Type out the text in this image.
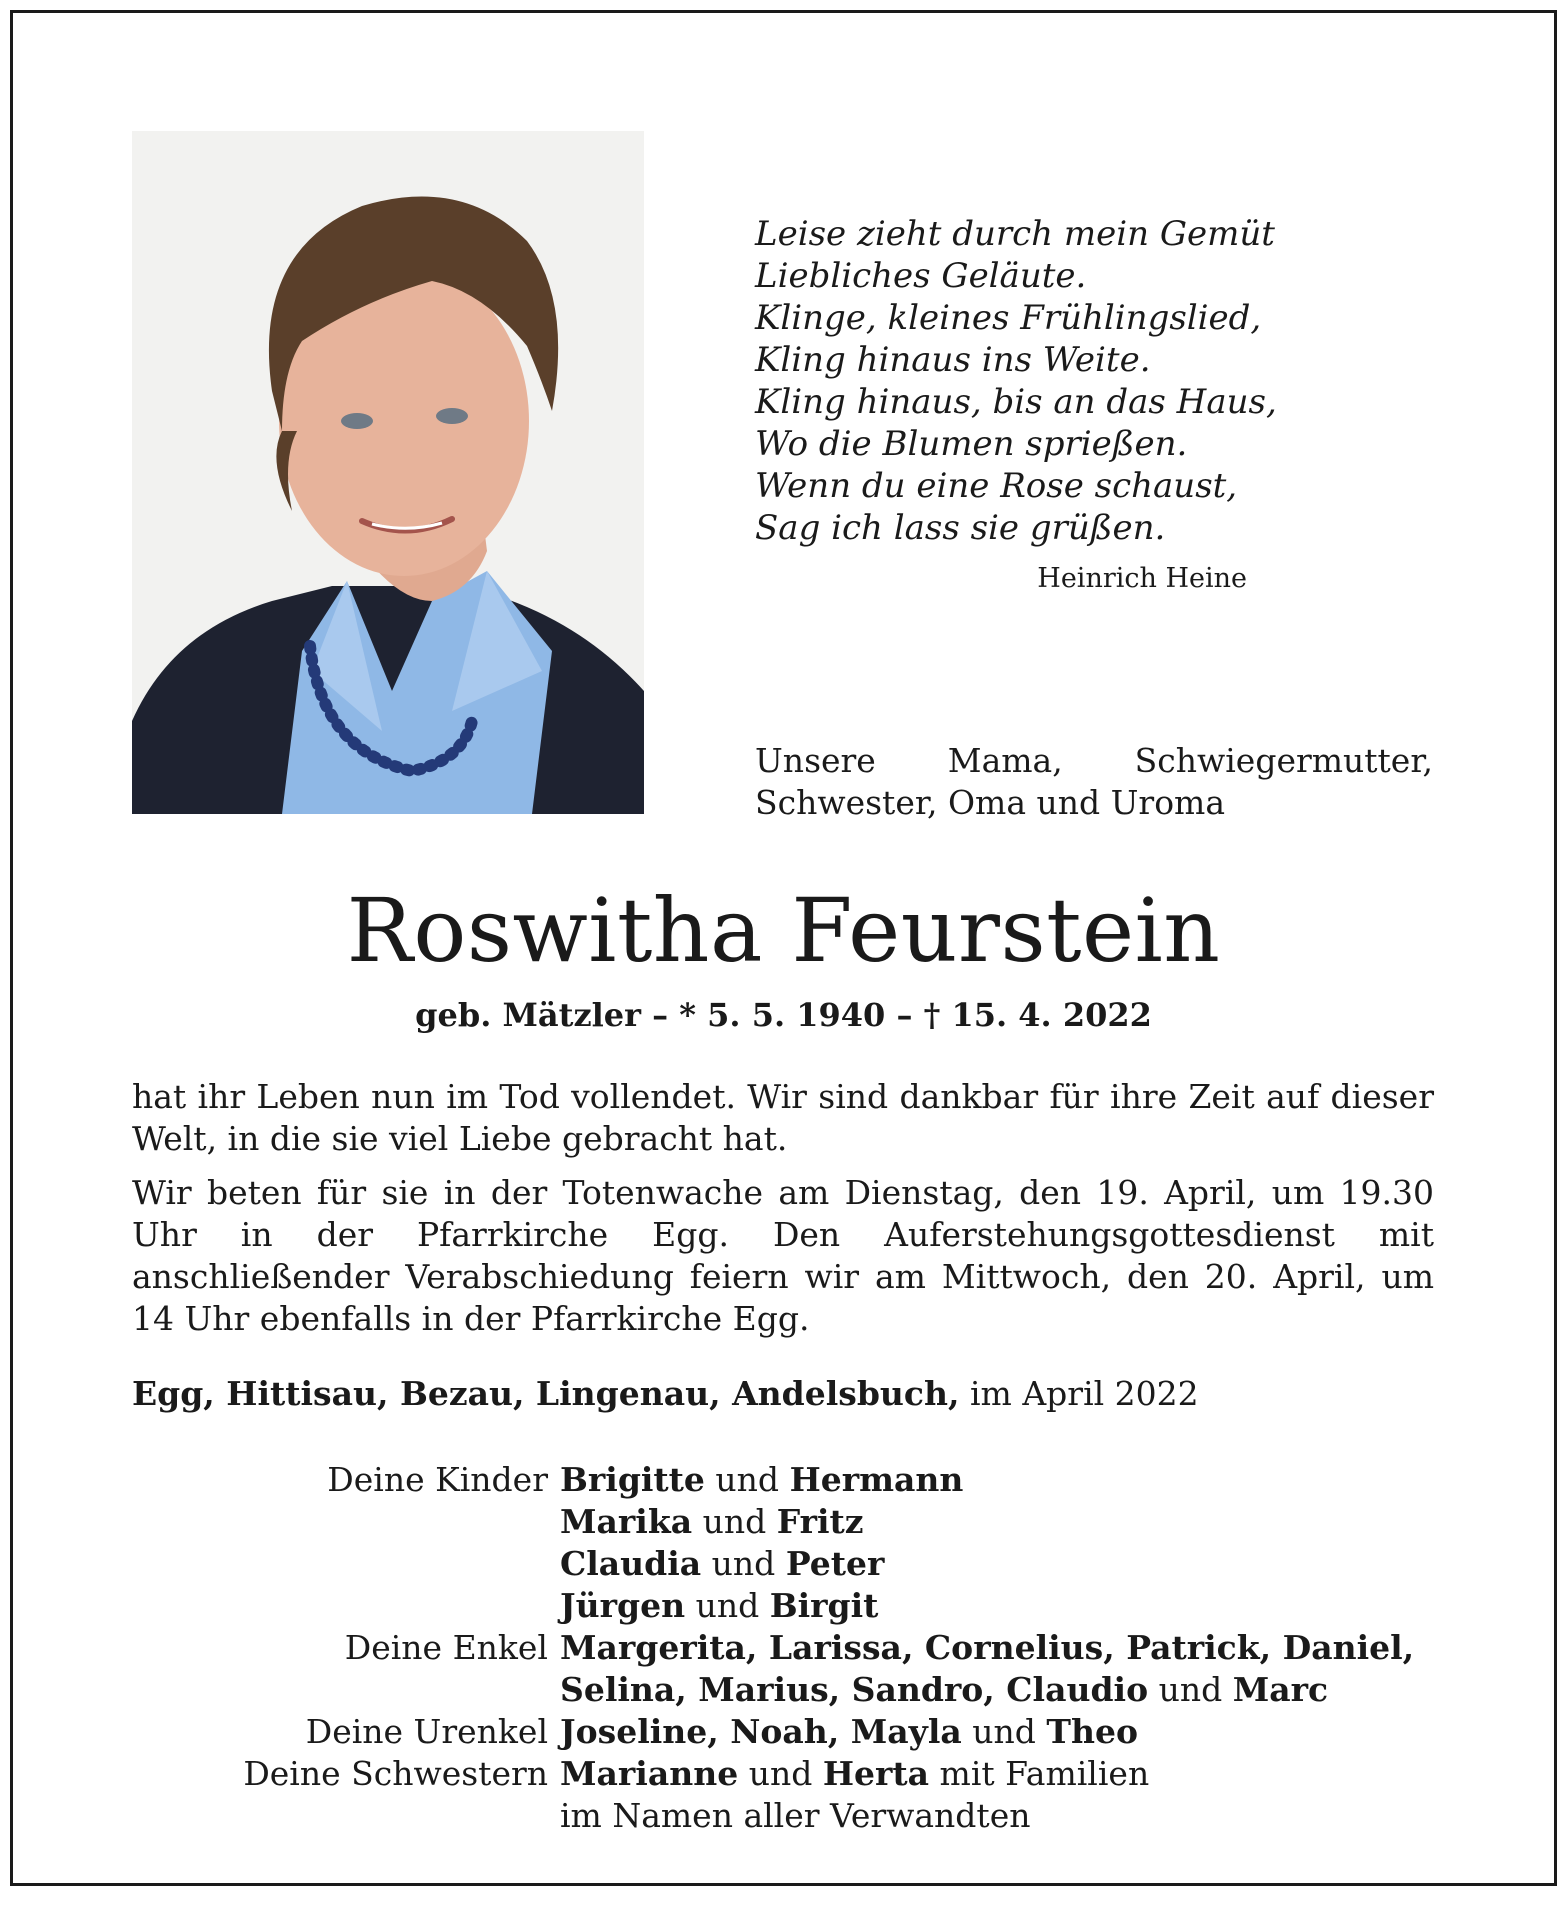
Leise zieht durch mein Gemüt
Liebliches Geläute.
Klinge, kleines Frühlingslied,
Kling hinaus ins Weite.
Kling hinaus, bis an das Haus,
Wo die Blumen sprießen.
Wenn du eine Rose schaust,
Sag ich lass sie grüßen.
Heinrich Heine
Unsere Mama, Schwiegermutter,
Schwester, Oma und Uroma
Roswitha Feurstein
geb. Mätzler – * 5. 5. 1940 – † 15. 4. 2022

hat ihr Leben nun im Tod vollendet. Wir sind dankbar für ihre Zeit auf dieser Welt, in die sie viel Liebe gebracht hat.

Wir beten für sie in der Totenwache am Dienstag, den 19. April, um 19.30 Uhr in der Pfarrkirche Egg. Den Auferstehungsgottesdienst mit anschließender Verabschiedung feiern wir am Mittwoch, den 20. April, um 14 Uhr ebenfalls in der Pfarrkirche Egg.

Egg, Hittisau, Bezau, Lingenau, Andelsbuch, im April 2022
Deine Kinder Brigitte und Hermann
Marika und Fritz
Claudia und Peter
Jürgen und Birgit
Deine Enkel Margerita, Larissa, Cornelius, Patrick, Daniel,
Selina, Marius, Sandro, Claudio und Marc
Deine Urenkel Joseline, Noah, Mayla und Theo
Deine Schwestern Marianne und Herta mit Familien
im Namen aller Verwandten
